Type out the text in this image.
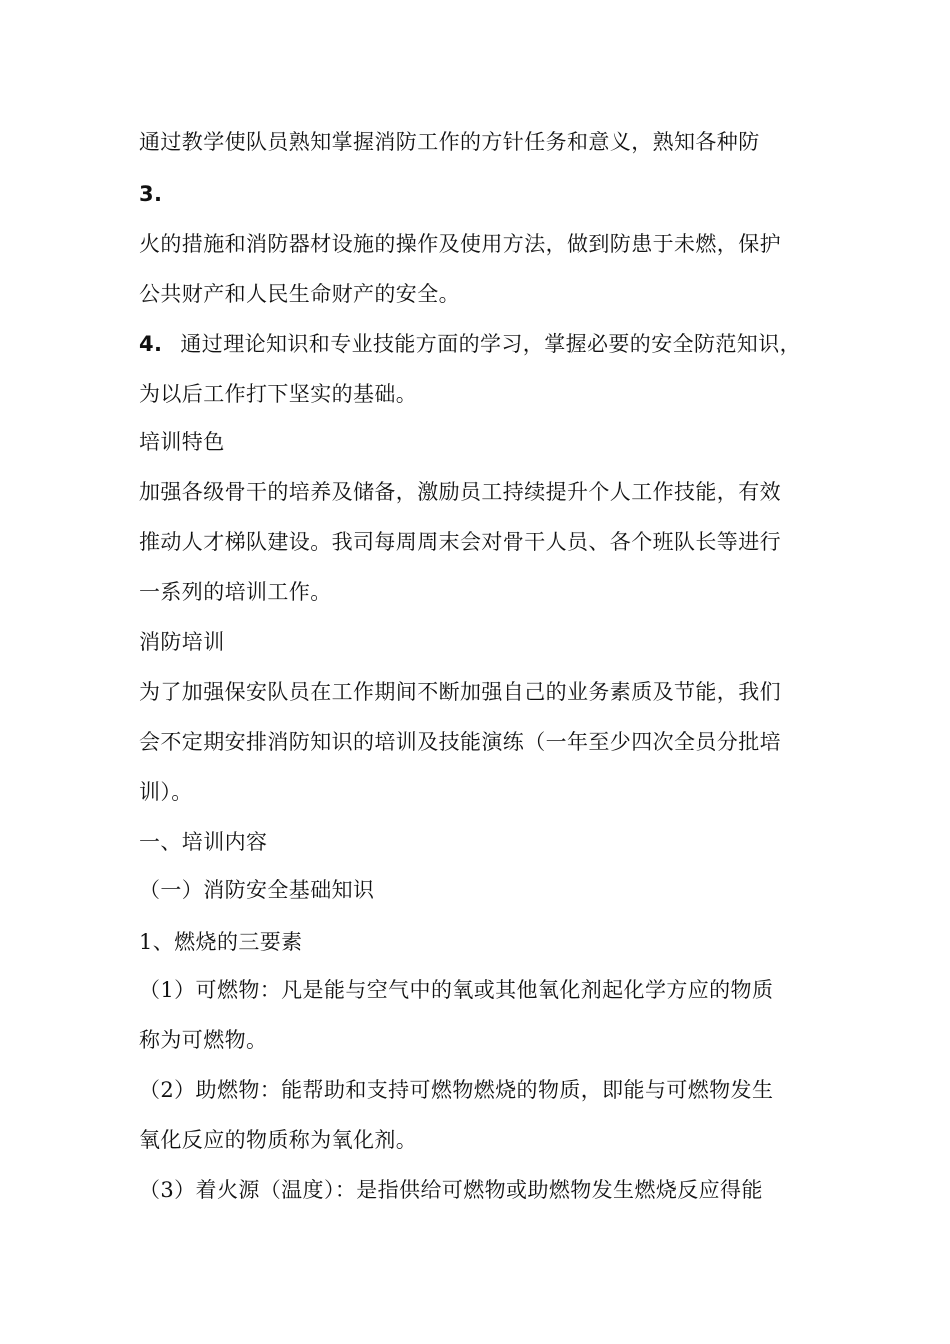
通过教学使队员熟知掌握消防工作的方针任务和意义，熟知各种防
3.
火的措施和消防器材设施的操作及使用方法，做到防患于未燃，保护
公共财产和人民生命财产的安全。
4. 通过理论知识和专业技能方面的学习，掌握必要的安全防范知识，
为以后工作打下坚实的基础。
培训特色
加强各级骨干的培养及储备，激励员工持续提升个人工作技能，有效
推动人才梯队建设。我司每周周末会对骨干人员、各个班队长等进行
一系列的培训工作。
消防培训
为了加强保安队员在工作期间不断加强自己的业务素质及节能，我们
会不定期安排消防知识的培训及技能演练（一年至少四次全员分批培
训）。
一、培训内容
（一）消防安全基础知识
1、燃烧的三要素
（1）可燃物：凡是能与空气中的氧或其他氧化剂起化学方应的物质
称为可燃物。
（2）助燃物：能帮助和支持可燃物燃烧的物质，即能与可燃物发生
氧化反应的物质称为氧化剂。
（3）着火源（温度）：是指供给可燃物或助燃物发生燃烧反应得能
